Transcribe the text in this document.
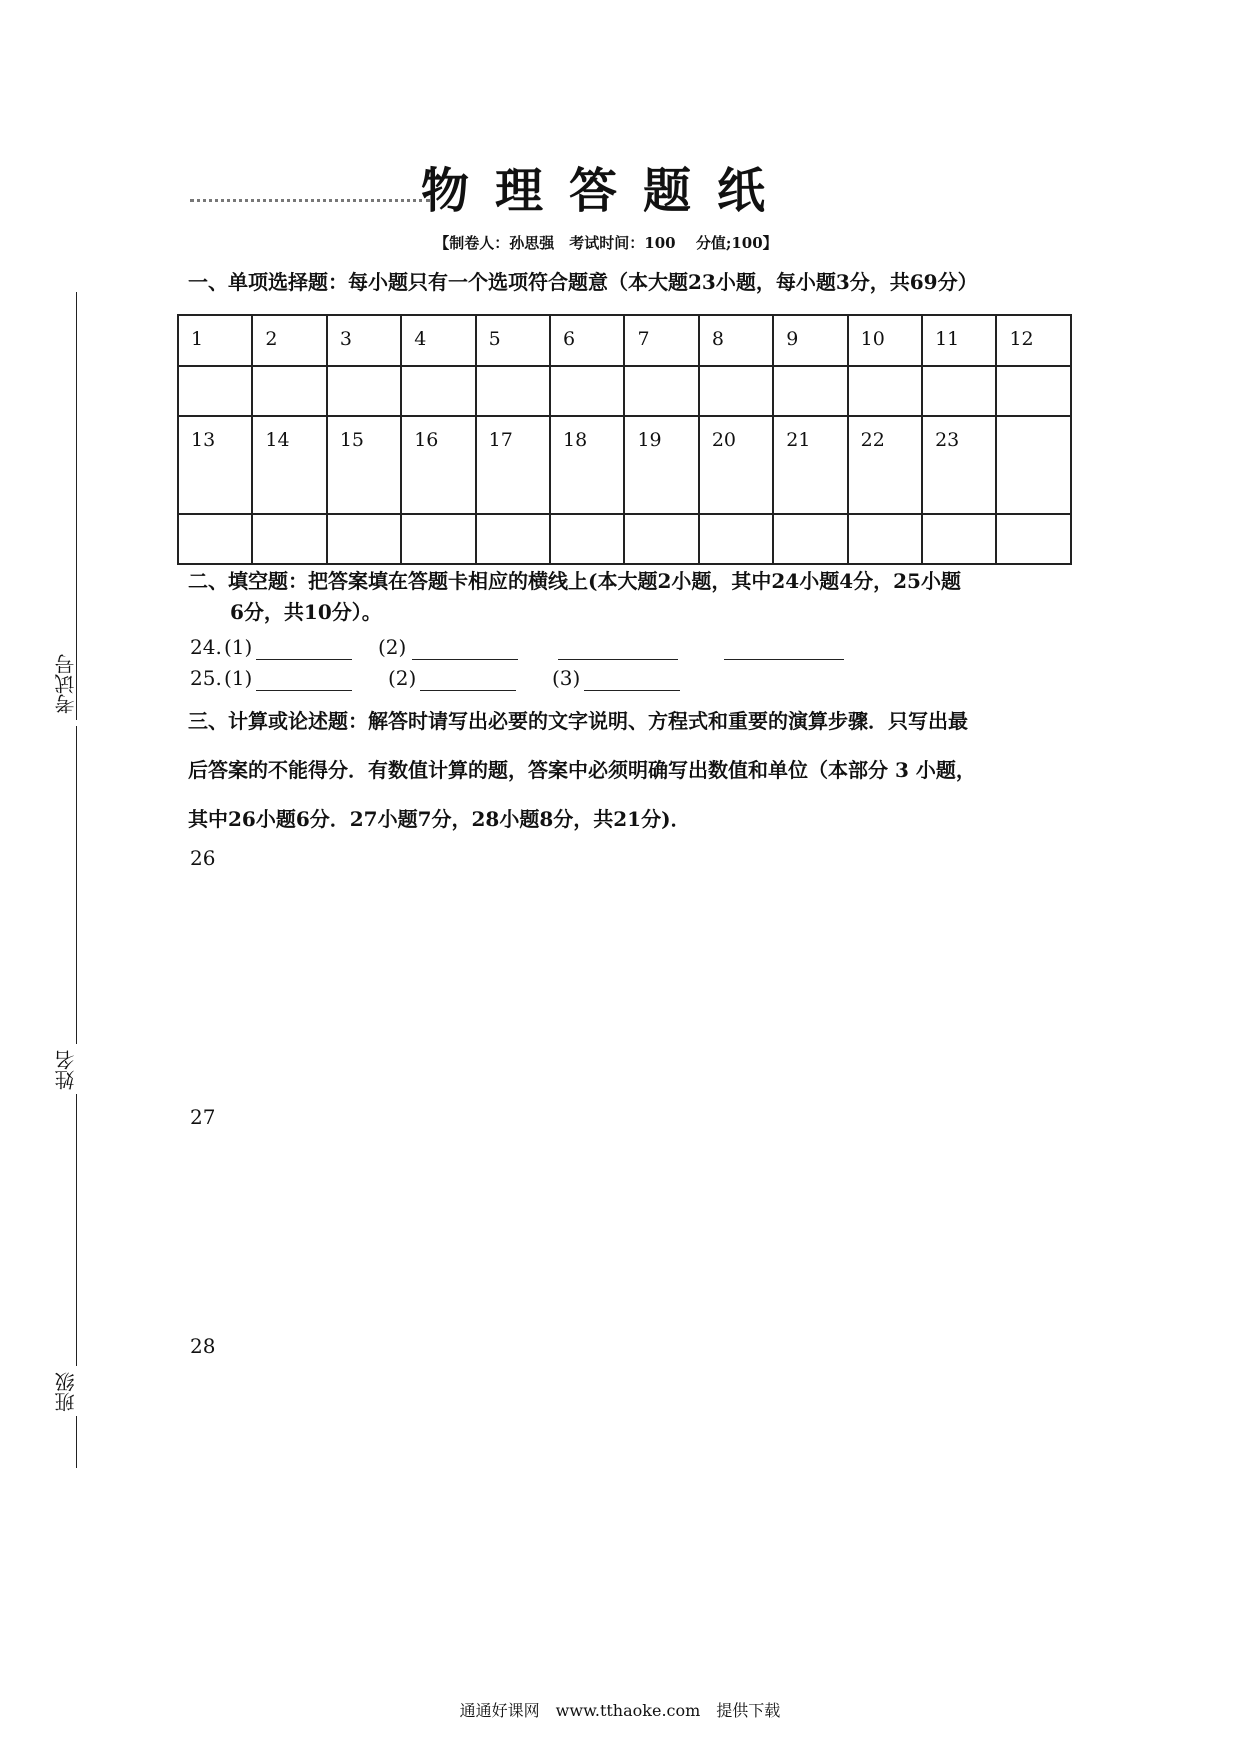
考试号
姓名
班级
物理答题纸
【制卷人：孙思强　考试时间：100　 分值;100】
一、单项选择题：每小题只有一个选项符合题意（本大题23小题，每小题3分，共69分）
1	2	3	4	5	6	7	8	9	10	11	12

13	14	15	16	17	18	19	20	21	22	23	

二、填空题：把答案填在答题卡相应的横线上(本大题2小题，其中24小题4分，25小题
6分，共10分）。
24. (1)	(2)
25. (1)	(2)	(3)
三、计算或论述题：解答时请写出必要的文字说明、方程式和重要的演算步骤．只写出最
后答案的不能得分．有数值计算的题，答案中必须明确写出数值和单位（本部分 3 小题，
其中26小题6分．27小题7分，28小题8分，共21分)．
26
27
28
通通好课网　www.tthaoke.com　提供下载
